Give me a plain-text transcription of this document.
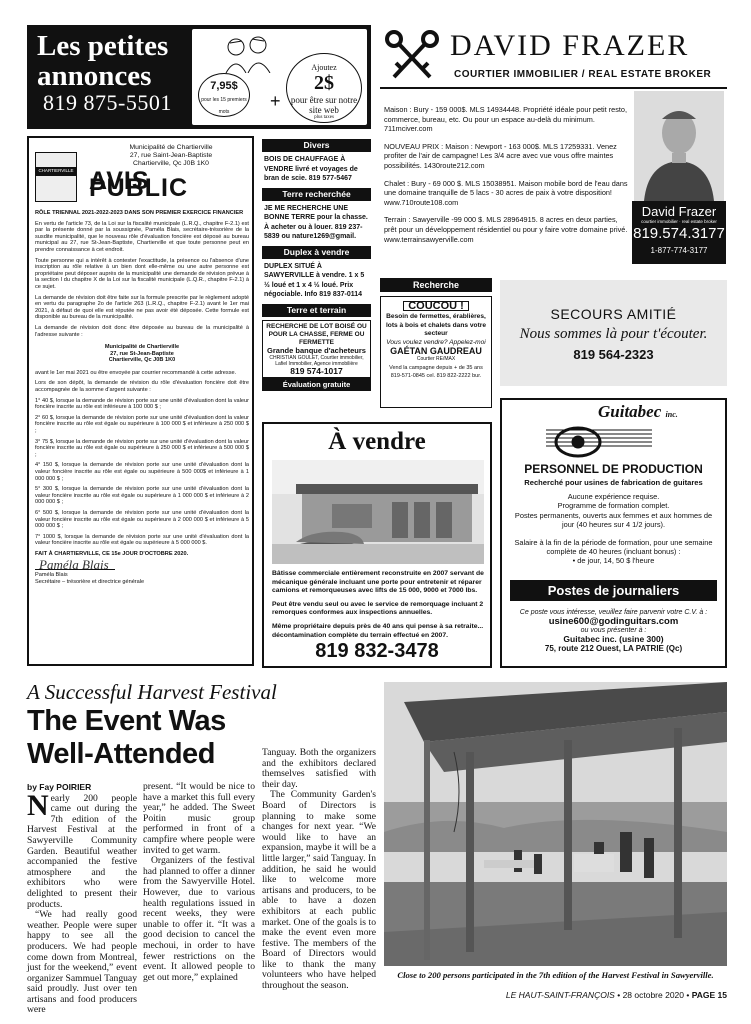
Les petites
annonces
819 875-5501
7,95$
pour les 15 premiers mots
+
Ajoutez
2$
pour être sur notre site web
plus taxes
DAVID FRAZER
COURTIER IMMOBILIER / REAL ESTATE BROKER

Maison : Bury - 159 000$. MLS 14934448. Propriété idéale pour petit resto, commerce, bureau, etc. Ou pour un espace au-delà du minimum. 711mciver.com

NOUVEAU PRIX : Maison : Newport - 163 000$. MLS 17259331. Venez profiter de l'air de campagne! Les 3/4 acre avec vue vous offre maintes possibilités. 1430route212.com

Chalet : Bury - 69 000 $. MLS 15038951. Maison mobile bord de l'eau dans une domaine tranquille de 5 lacs - 30 acres de paix à votre disposition! www.710route108.com

Terrain : Sawyerville -99 000 $. MLS 28964915. 8 acres en deux parties, prêt pour un développement résidentiel ou pour y faire votre domaine privé. www.terrainsawyerville.com

David Frazer
courtier immobilier · real estate broker
819.574.3177
1-877-774-3177
CHARTIERVILLE
Municipalité de Chartierville
27, rue Saint-Jean-Baptiste
Chartierville, Qc J0B 1K0
AVIS PUBLIC

RÔLE TRIENNAL 2021-2022-2023 DANS SON PREMIER EXERCICE FINANCIER

En vertu de l'article 73, de la Loi sur la fiscalité municipale (L.R.Q., chapitre F-2.1) est par la présente donné par la soussignée, Paméla Blais, secrétaire-trésorière de la susdite municipalité, que le nouveau rôle d'évaluation foncière est déposé au bureau municipal au 27, rue St-Jean-Baptiste, Chartierville et que toute personne peut en prendre connaissance à cet endroit.

Toute personne qui a intérêt à contester l'exactitude, la présence ou l'absence d'une inscription au rôle relative à un bien dont elle-même ou une autre personne est propriétaire peut déposer auprès de la municipalité une demande de révision prévue à la section I du chapitre X de la Loi sur la fiscalité municipale (L.Q.R., chapitre F-2.1) à ce sujet.

La demande de révision doit être faite sur la formule prescrite par le règlement adopté en vertu du paragraphe 2o de l'article 263 (L.R.Q., chapitre F-2.1) avant le 1er mai 2021, à défaut de quoi elle est réputée ne pas avoir été déposée. Cette formule est disponible au bureau de la municipalité.

La demande de révision doit donc être déposée au bureau de la municipalité à l'adresse suivante :

Municipalité de Chartierville
27, rue St-Jean-Baptiste
Chartierville, Qc J0B 1K0

avant le 1er mai 2021 ou être envoyée par courrier recommandé à cette adresse.

Lors de son dépôt, la demande de révision du rôle d'évaluation foncière doit être accompagnée de la somme d'argent suivante :

1° 40 $, lorsque la demande de révision porte sur une unité d'évaluation dont la valeur foncière inscrite au rôle est inférieure à 100 000 $ ;

2° 60 $, lorsque la demande de révision porte sur une unité d'évaluation dont la valeur foncière inscrite au rôle est égale ou supérieure à 100 000 $ et inférieure à 250 000 $ ;

3° 75 $, lorsque la demande de révision porte sur une unité d'évaluation dont la valeur foncière inscrite au rôle est égale ou supérieure à 250 000 $ et inférieure à 500 000 $ ;

4° 150 $, lorsque la demande de révision porte sur une unité d'évaluation dont la valeur foncière inscrite au rôle est égale ou supérieure à 500 000$ et inférieure à 1 000 000 $ ;

5° 300 $, lorsque la demande de révision porte sur une unité d'évaluation dont la valeur foncière inscrite au rôle est égale ou supérieure à 1 000 000 $ et inférieure à 2 000 000 $ ;

6° 500 $, lorsque la demande de révision porte sur une unité d'évaluation dont la valeur foncière inscrite au rôle est égale ou supérieure à 2 000 000 $ et inférieure à 5 000 000 $ ;

7° 1000 $, lorsque la demande de révision porte sur une unité d'évaluation dont la valeur foncière inscrite au rôle est égale ou supérieure à 5 000 000 $.

FAIT À CHARTIERVILLE, CE 15e JOUR D'OCTOBRE 2020.

Paméla Blais
Paméla Blais
Secrétaire – trésorière et directrice générale
Divers

BOIS DE CHAUFFAGE À VENDRE livré et voyages de bran de scie. 819 577-5467

Terre recherchée

JE ME RECHERCHE UNE BONNE TERRE pour la chasse. À acheter ou à louer. 819 237-5839 ou nature1269@gmail.

Duplex à vendre

DUPLEX SITUÉ À SAWYERVILLE à vendre. 1 x 5 ½ loué et 1 x 4 ½ loué. Prix négociable. Info 819 837-0114

Terre et terrain
RECHERCHE DE LOT BOISÉ OU POUR LA CHASSE, FERME OU FERMETTE
Grande banque d'acheteurs
CHRISTIAN GOULET, Courtier immobilier, Lafiel Immobilier, Agence immobilière
819 574-1017
Évaluation gratuite
Recherche
COUCOU !
Besoin de fermettes, érablières, lots à bois et chalets dans votre secteur
Vous voulez vendre? Appelez-moi
GAÉTAN GAUDREAU
Courtier RE/MAX
Vend la campagne depuis + de 35 ans
819-571-0845 cel. 819 822-2222 bur.
SECOURS AMITIÉ
Nous sommes là pour t'écouter.
819 564-2323
À vendre

Bâtisse commerciale entièrement reconstruite en 2007 servant de mécanique générale incluant une porte pour entretenir et réparer camions et remorqueuses avec lifts de 15 000, 9000 et 7000 lbs.

Peut être vendu seul ou avec le service de remorquage incluant 2 remorques conformes aux inspections annuelles.

Même propriétaire depuis près de 40 ans qui pense à sa retraite... décontamination complète du terrain effectué en 2007.

819 832-3478
Guitabec inc.
PERSONNEL DE PRODUCTION
Recherché pour usines de fabrication de guitares
Aucune expérience requise.
Programme de formation complet.
Postes permanents, ouverts aux femmes et aux hommes de jour (40 heures sur 4 1/2 jours).
Salaire à la fin de la période de formation, pour une semaine complète de 40 heures (incluant bonus) :
• de jour, 14, 50 $ l'heure
Postes de journaliers
Ce poste vous intéresse, veuillez faire parvenir votre C.V. à :
usine600@godinguitars.com
ou vous présenter à :
Guitabec inc. (usine 300)
75, route 212 Ouest, LA PATRIE (Qc)
A Successful Harvest Festival
The Event Was
Well-Attended

by Fay POIRIER

Nearly 200 people came out during the 7th edition of the Harvest Festival at the Sawyerville Community Garden. Beautiful weather accompanied the festive atmosphere and the exhibitors who were delighted to present their products.

“We had really good weather. People were super happy to see all the producers. We had people come down from Montreal, just for the weekend,” event organizer Sammuel Tanguay said proudly. Just over ten artisans and food producers were

present. “It would be nice to have a market this full every year,” he added. The Sweet Poitin music group performed in front of a campfire where people were invited to get warm.

Organizers of the festival had planned to offer a dinner from the Sawyerville Hotel. However, due to various health regulations issued in recent weeks, they were unable to offer it. “It was a good decision to cancel the mechoui, in order to have fewer restrictions on the event. It allowed people to get out more,” explained

Tanguay. Both the organizers and the exhibitors declared themselves satisfied with their day.

The Community Garden's Board of Directors is planning to make some changes for next year. “We would like to have an expansion, maybe it will be a little larger,” said Tanguay. In addition, he said he would like to welcome more artisans and producers, to be able to have a dozen exhibitors at each public market. One of the goals is to make the event even more festive. The members of the Board of Directors would like to thank the many volunteers who have helped throughout the season.

Close to 200 persons participated in the 7th edition of the Harvest Festival in Sawyerville.
LE HAUT-SAINT-FRANÇOIS • 28 octobre 2020 • PAGE 15
